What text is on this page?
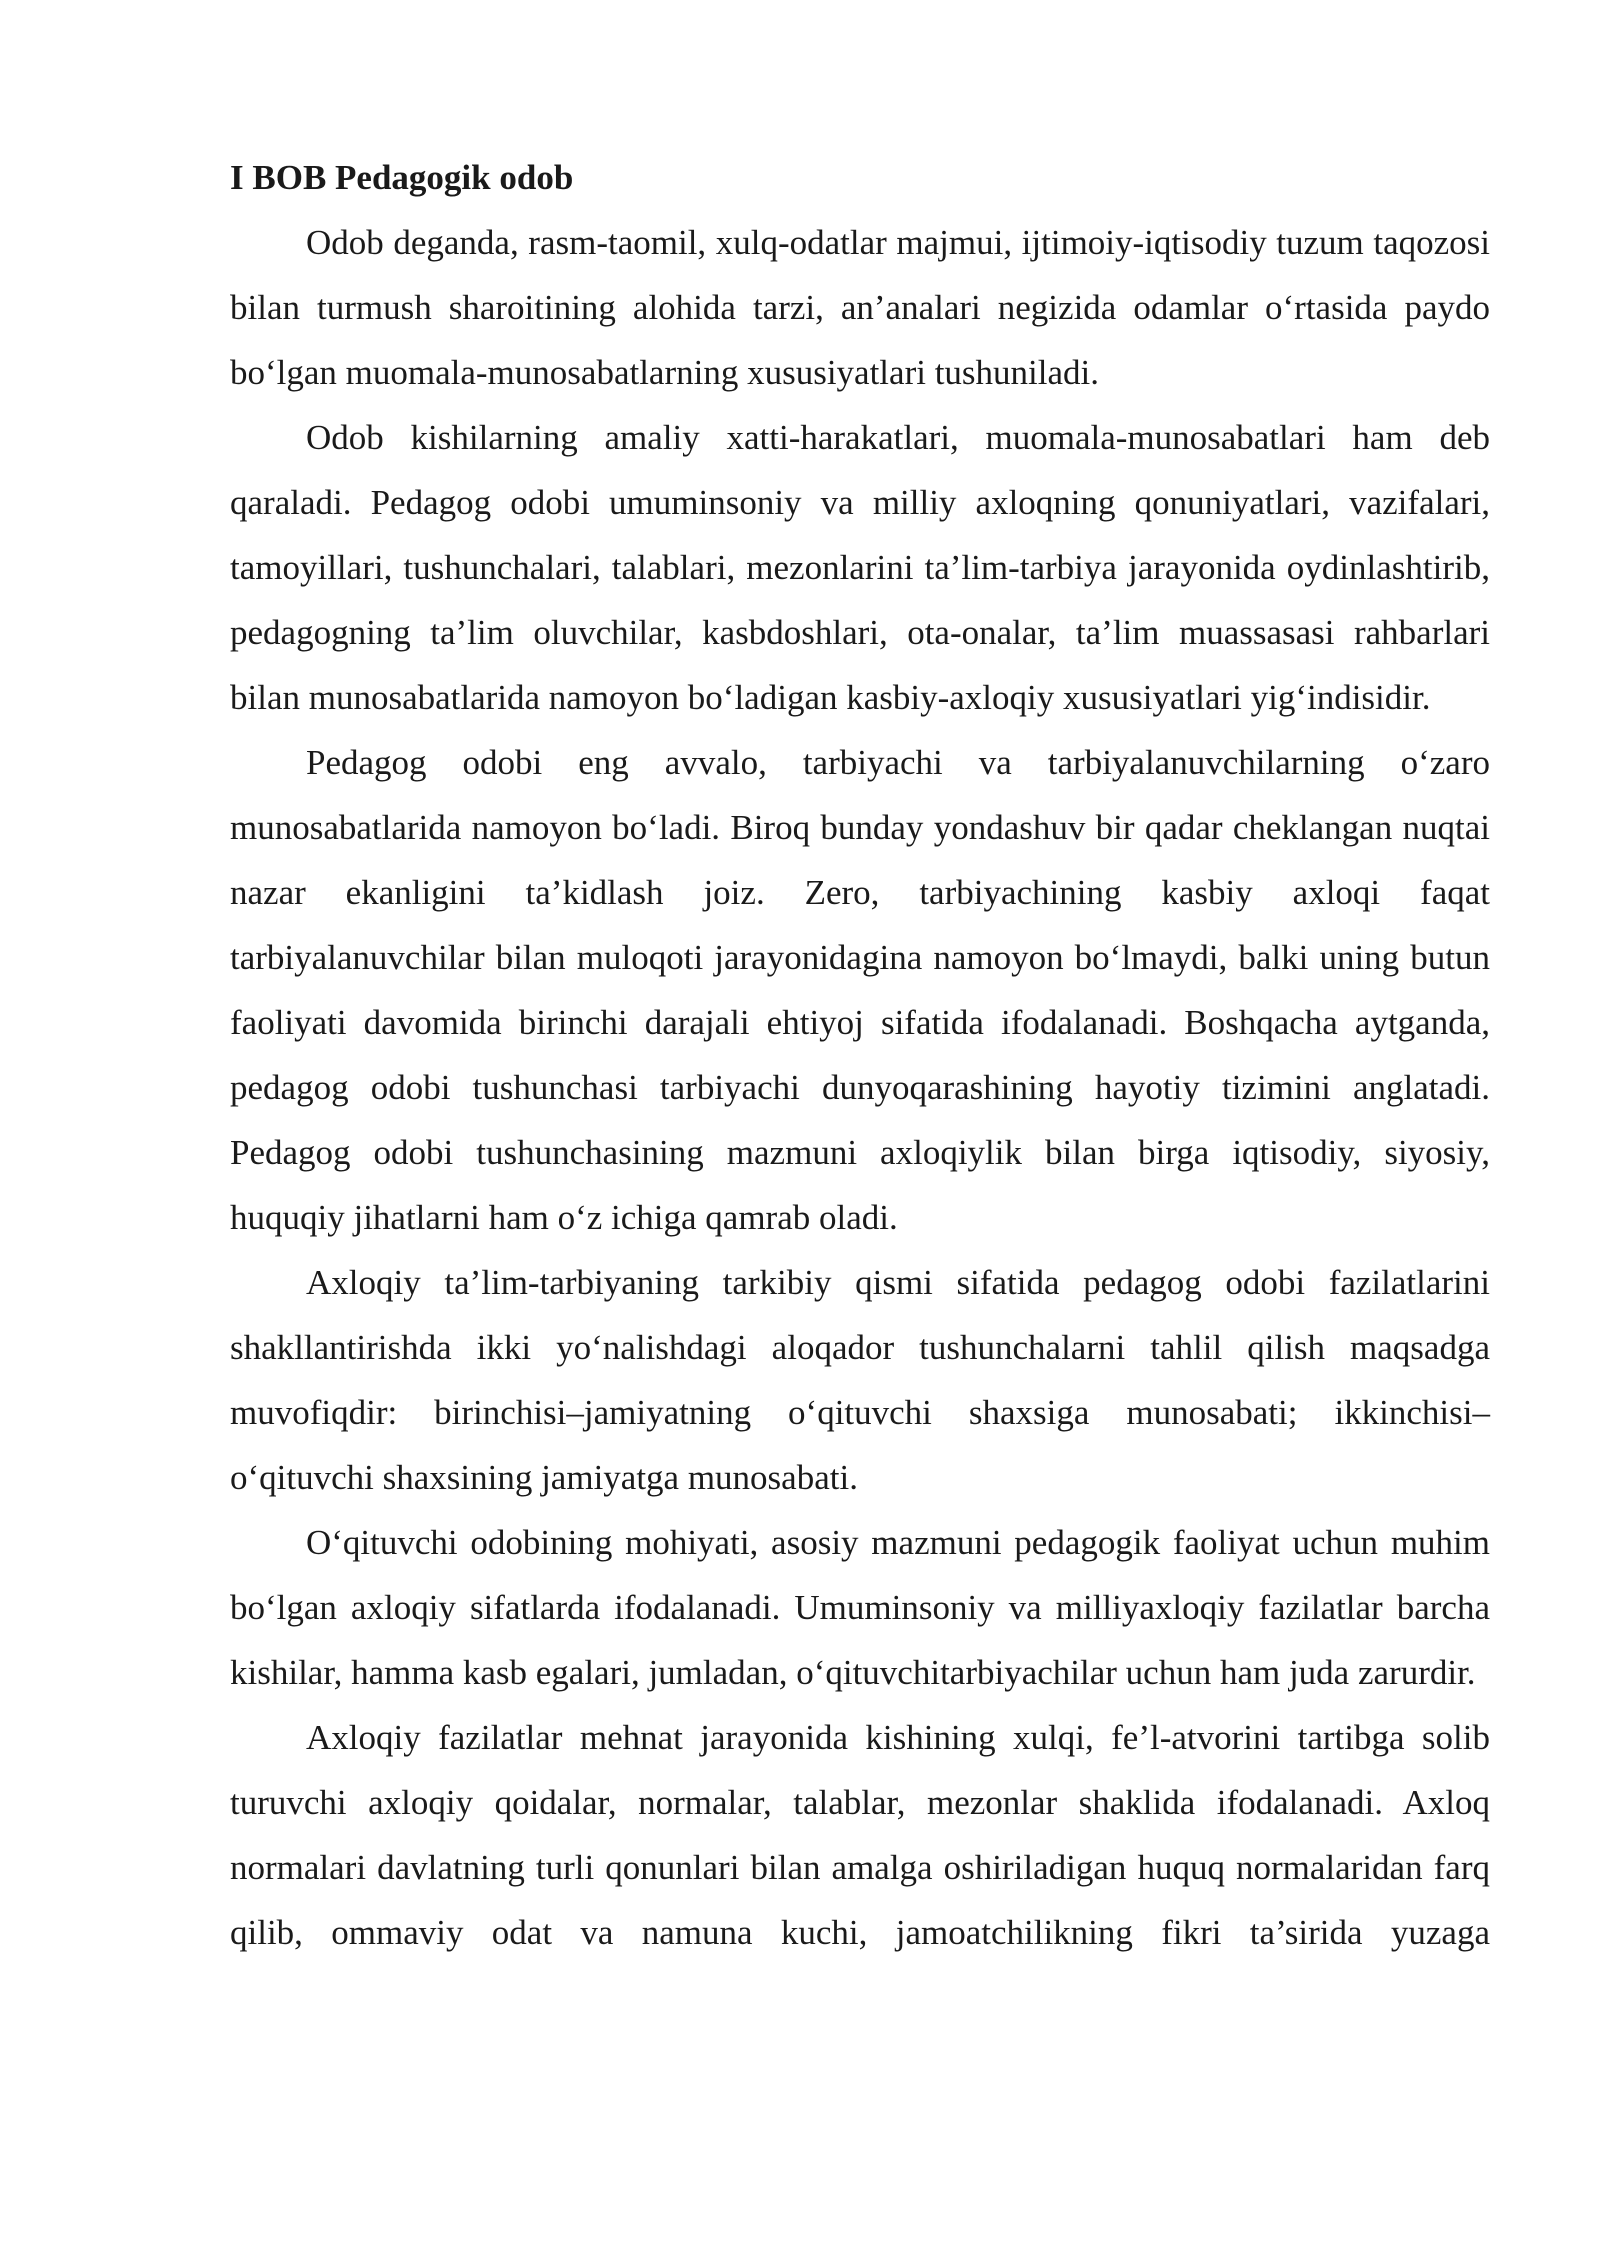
I BOB Pedagogik odob

Odob deganda, rasm-taomil, xulq-odatlar majmui, ijtimoiy-iqtisodiy tuzum taqozosi bilan turmush sharoitining alohida tarzi, an’analari negizida odamlar o‘rtasida paydo bo‘lgan muomala-munosabatlarning xususiyatlari tushuniladi.

Odob kishilarning amaliy xatti-harakatlari, muomala-munosabatlari ham deb qaraladi. Pedagog odobi umuminsoniy va milliy axloqning qonuniyatlari, vazifalari, tamoyillari, tushunchalari, talablari, mezonlarini ta’lim-tarbiya jarayonida oydinlashtirib, pedagogning ta’lim oluvchilar, kasbdoshlari, ota-onalar, ta’lim muassasasi rahbarlari bilan munosabatlarida namoyon bo‘ladigan kasbiy-axloqiy xususiyatlari yig‘indisidir.

Pedagog odobi eng avvalo, tarbiyachi va tarbiyalanuvchilarning o‘zaro munosabatlarida namoyon bo‘ladi. Biroq bunday yondashuv bir qadar cheklangan nuqtai nazar ekanligini ta’kidlash joiz. Zero, tarbiyachining kasbiy axloqi faqat tarbiyalanuvchilar bilan muloqoti jarayonidagina namoyon bo‘lmaydi, balki uning butun faoliyati davomida birinchi darajali ehtiyoj sifatida ifodalanadi. Boshqacha aytganda, pedagog odobi tushunchasi tarbiyachi dunyoqarashining hayotiy tizimini anglatadi. Pedagog odobi tushunchasining mazmuni axloqiylik bilan birga iqtisodiy, siyosiy, huquqiy jihatlarni ham o‘z ichiga qamrab oladi.

Axloqiy ta’lim-tarbiyaning tarkibiy qismi sifatida pedagog odobi fazilatlarini shakllantirishda ikki yo‘nalishdagi aloqador tushunchalarni tahlil qilish maqsadga muvofiqdir: birinchisi–jamiyatning o‘qituvchi shaxsiga munosabati; ikkinchisi–o‘qituvchi shaxsining jamiyatga munosabati.

O‘qituvchi odobining mohiyati, asosiy mazmuni pedagogik faoliyat uchun muhim bo‘lgan axloqiy sifatlarda ifodalanadi. Umuminsoniy va milliyaxloqiy fazilatlar barcha kishilar, hamma kasb egalari, jumladan, o‘qituvchitarbiyachilar uchun ham juda zarurdir.

Axloqiy fazilatlar mehnat jarayonida kishining xulqi, fe’l-atvorini tartibga solib turuvchi axloqiy qoidalar, normalar, talablar, mezonlar shaklida ifodalanadi. Axloq normalari davlatning turli qonunlari bilan amalga oshiriladigan huquq normalaridan farq qilib, ommaviy odat va namuna kuchi, jamoatchilikning fikri ta’sirida yuzaga
